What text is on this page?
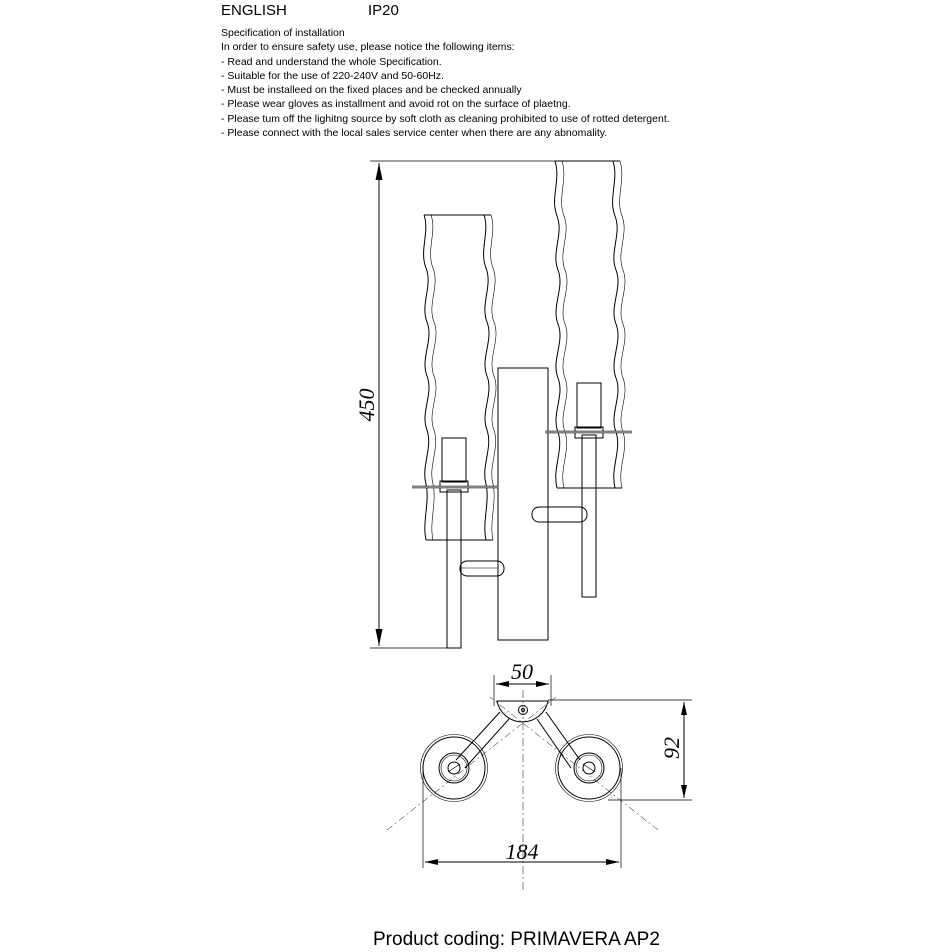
ENGLISH	IP20
Specification of installation
In order to ensure safety use, please notice the following items:
- Read and understand the whole Specification.
- Suitable for the use of 220-240V and 50-60Hz.
- Must be installeed on the fixed places and be checked annually
- Please wear gloves as installment and avoid rot on the surface of plaetng.
- Please tum off the lighitng source by soft cloth as cleaning prohibited to use of rotted detergent.
- Please connect with the local sales service center when there are any abnomality.
450
50
92
184
Product coding: PRIMAVERA AP2
